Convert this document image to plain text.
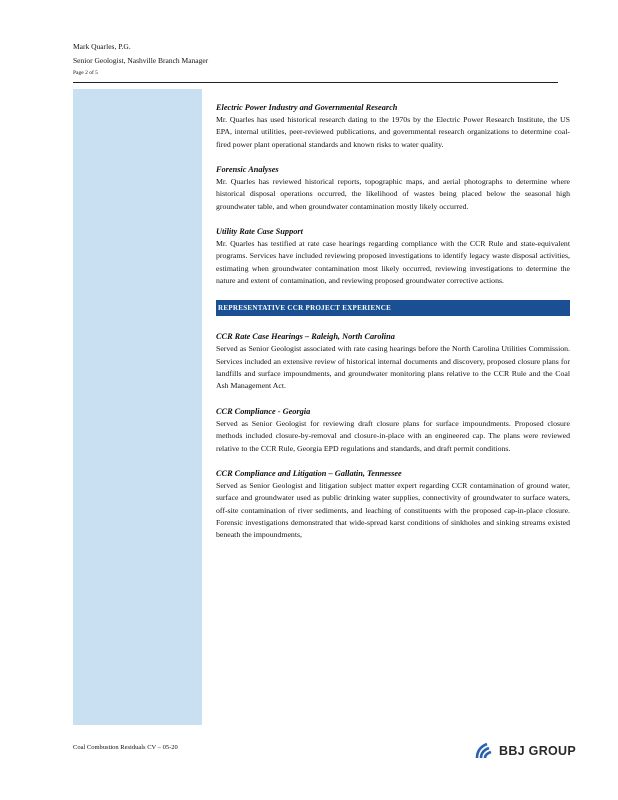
Mark Quarles, P.G.
Senior Geologist, Nashville Branch Manager
Page 2 of 5
Electric Power Industry and Governmental Research
Mr. Quarles has used historical research dating to the 1970s by the Electric Power Research Institute, the US EPA, internal utilities, peer-reviewed publications, and governmental research organizations to determine coal-fired power plant operational standards and known risks to water quality.
Forensic Analyses
Mr. Quarles has reviewed historical reports, topographic maps, and aerial photographs to determine where historical disposal operations occurred, the likelihood of wastes being placed below the seasonal high groundwater table, and when groundwater contamination mostly likely occurred.
Utility Rate Case Support
Mr. Quarles has testified at rate case hearings regarding compliance with the CCR Rule and state-equivalent programs. Services have included reviewing proposed investigations to identify legacy waste disposal activities, estimating when groundwater contamination most likely occurred, reviewing investigations to determine the nature and extent of contamination, and reviewing proposed groundwater corrective actions.
REPRESENTATIVE CCR PROJECT EXPERIENCE
CCR Rate Case Hearings – Raleigh, North Carolina
Served as Senior Geologist associated with rate casing hearings before the North Carolina Utilities Commission. Services included an extensive review of historical internal documents and discovery, proposed closure plans for landfills and surface impoundments, and groundwater monitoring plans relative to the CCR Rule and the Coal Ash Management Act.
CCR Compliance - Georgia
Served as Senior Geologist for reviewing draft closure plans for surface impoundments. Proposed closure methods included closure-by-removal and closure-in-place with an engineered cap. The plans were reviewed relative to the CCR Rule, Georgia EPD regulations and standards, and draft permit conditions.
CCR Compliance and Litigation – Gallatin, Tennessee
Served as Senior Geologist and litigation subject matter expert regarding CCR contamination of ground water, surface and groundwater used as public drinking water supplies, connectivity of groundwater to surface waters, off-site contamination of river sediments, and leaching of constituents with the proposed cap-in-place closure. Forensic investigations demonstrated that wide-spread karst conditions of sinkholes and sinking streams existed beneath the impoundments,
Coal Combustion Residuals CV – 05-20	BBJ GROUP
